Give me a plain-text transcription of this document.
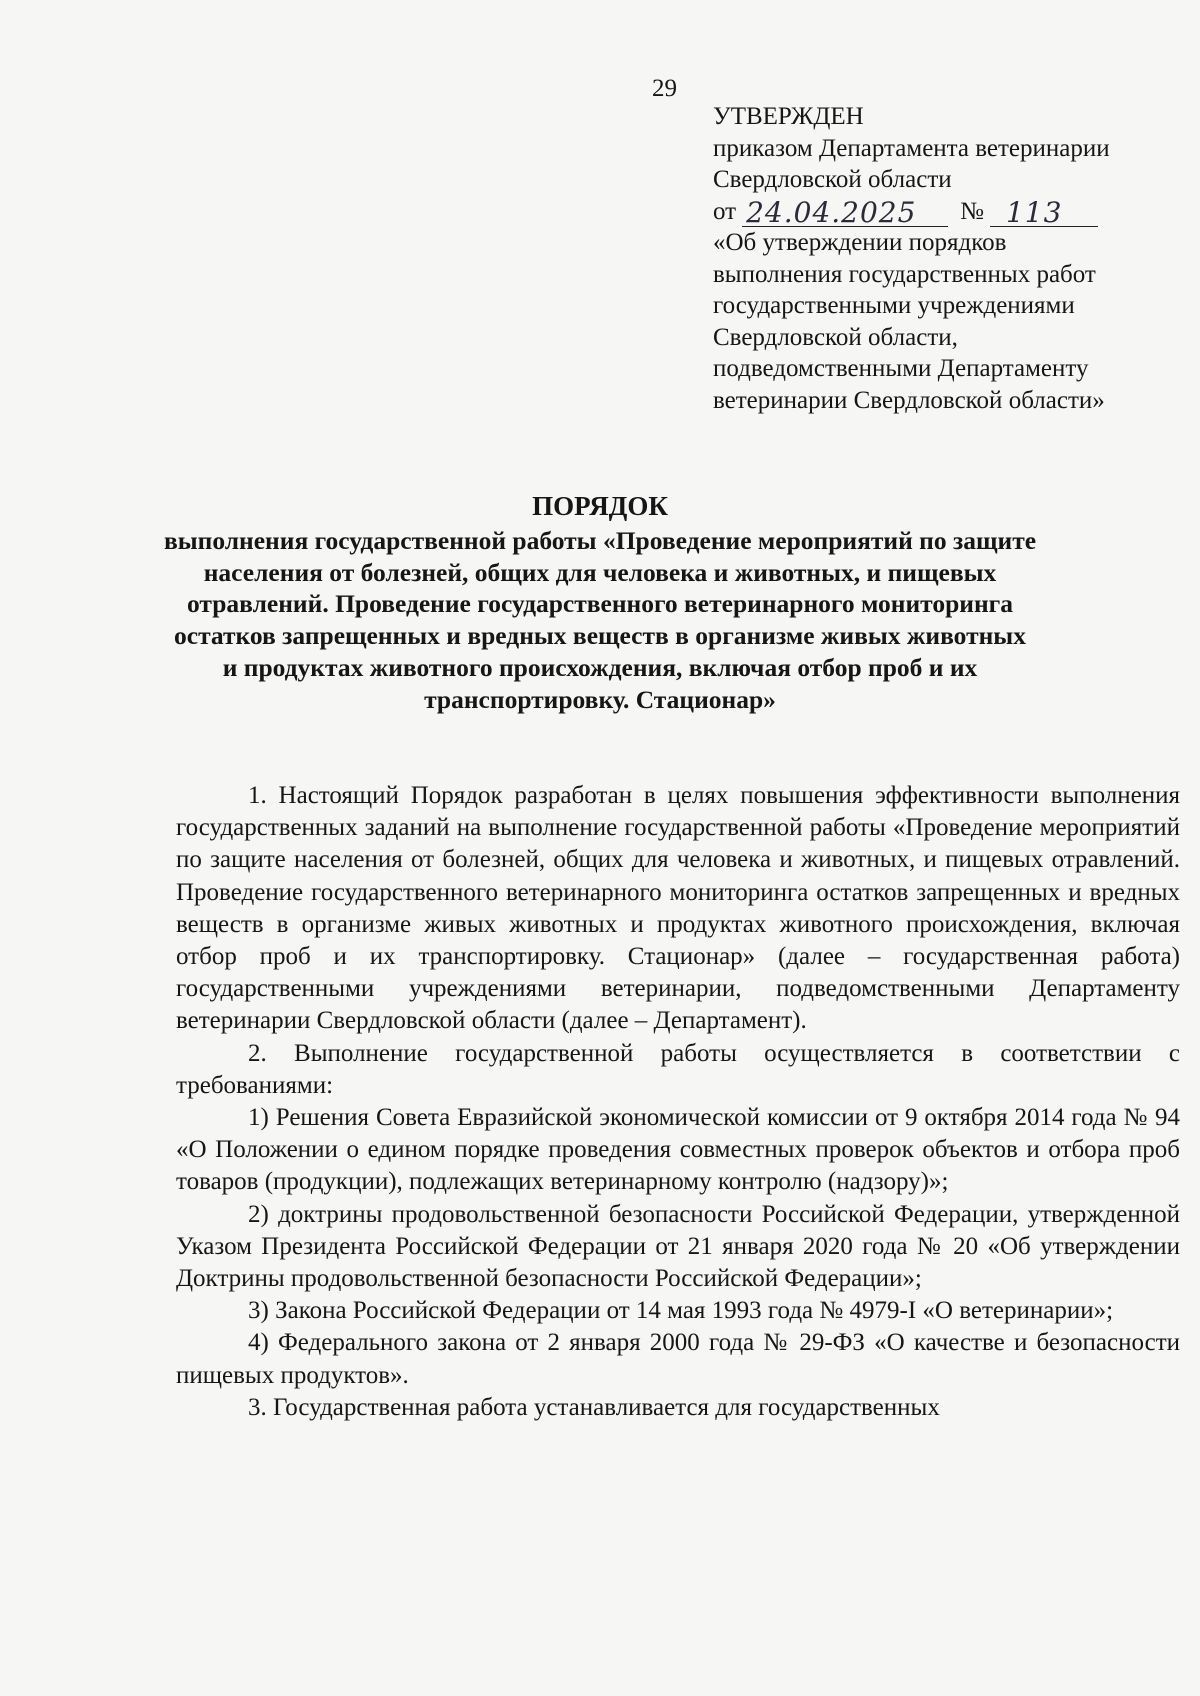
29
УТВЕРЖДЕН
приказом Департамента ветеринарии
Свердловской области
от 24.04.2025 № 113
«Об утверждении порядков
выполнения государственных работ
государственными учреждениями
Свердловской области,
подведомственными Департаменту
ветеринарии Свердловской области»
ПОРЯДОК
выполнения государственной работы «Проведение мероприятий по защите
населения от болезней, общих для человека и животных, и пищевых
отравлений. Проведение государственного ветеринарного мониторинга
остатков запрещенных и вредных веществ в организме живых животных
и продуктах животного происхождения, включая отбор проб и их
транспортировку. Стационар»

1. Настоящий Порядок разработан в целях повышения эффективности выполнения государственных заданий на выполнение государственной работы «Проведение мероприятий по защите населения от болезней, общих для человека и животных, и пищевых отравлений. Проведение государственного ветеринарного мониторинга остатков запрещенных и вредных веществ в организме живых животных и продуктах животного происхождения, включая отбор проб и их транспортировку. Стационар» (далее – государственная работа) государственными учреждениями ветеринарии, подведомственными Департаменту ветеринарии Свердловской области (далее – Департамент).

2. Выполнение государственной работы осуществляется в соответствии с требованиями:

1) Решения Совета Евразийской экономической комиссии от 9 октября 2014 года № 94 «О Положении о едином порядке проведения совместных проверок объектов и отбора проб товаров (продукции), подлежащих ветеринарному контролю (надзору)»;

2) доктрины продовольственной безопасности Российской Федерации, утвержденной Указом Президента Российской Федерации от 21 января 2020 года № 20 «Об утверждении Доктрины продовольственной безопасности Российской Федерации»;

3) Закона Российской Федерации от 14 мая 1993 года № 4979-I «О ветеринарии»;

4) Федерального закона от 2 января 2000 года № 29-ФЗ «О качестве и безопасности пищевых продуктов».

3. Государственная работа устанавливается для государственных
